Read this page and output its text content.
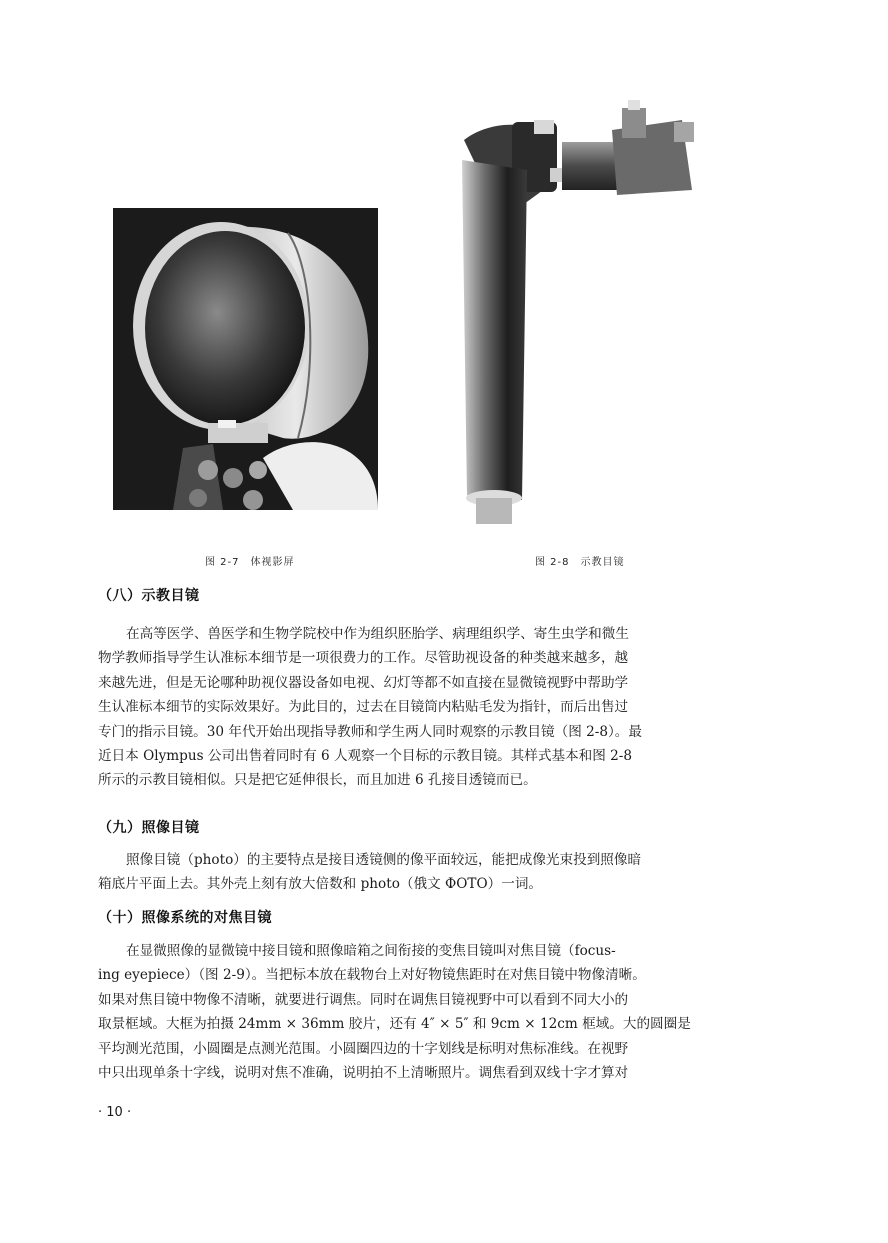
图 2-7　体视影屏	图 2-8　示教目镜
（八）示教目镜
在高等医学、兽医学和生物学院校中作为组织胚胎学、病理组织学、寄生虫学和微生
物学教师指导学生认准标本细节是一项很费力的工作。尽管助视设备的种类越来越多，越
来越先进，但是无论哪种助视仪器设备如电视、幻灯等都不如直接在显微镜视野中帮助学
生认准标本细节的实际效果好。为此目的，过去在目镜筒内粘贴毛发为指针，而后出售过
专门的指示目镜。30 年代开始出现指导教师和学生两人同时观察的示教目镜（图 2-8）。最
近日本 Olympus 公司出售着同时有 6 人观察一个目标的示教目镜。其样式基本和图 2-8
所示的示教目镜相似。只是把它延伸很长，而且加进 6 孔接目透镜而已。
（九）照像目镜
照像目镜（photo）的主要特点是接目透镜侧的像平面较远，能把成像光束投到照像暗
箱底片平面上去。其外壳上刻有放大倍数和 photo（俄文 ФОТО）一词。
（十）照像系统的对焦目镜
在显微照像的显微镜中接目镜和照像暗箱之间衔接的变焦目镜叫对焦目镜（focus-
ing eyepiece）（图 2-9）。当把标本放在载物台上对好物镜焦距时在对焦目镜中物像清晰。
如果对焦目镜中物像不清晰，就要进行调焦。同时在调焦目镜视野中可以看到不同大小的
取景框域。大框为拍摄 24mm × 36mm 胶片，还有 4″ × 5″ 和 9cm × 12cm 框域。大的圆圈是
平均测光范围，小圆圈是点测光范围。小圆圈四边的十字划线是标明对焦标准线。在视野
中只出现单条十字线，说明对焦不准确，说明拍不上清晰照片。调焦看到双线十字才算对
· 10 ·
